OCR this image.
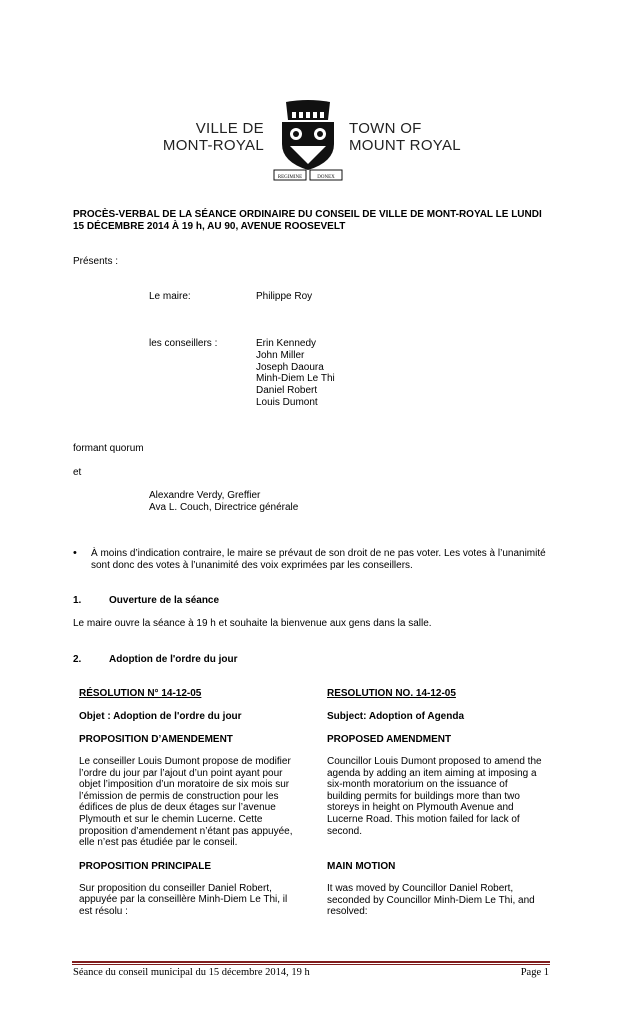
VILLE DE
MONT-ROYAL
REGIMINE	DONEX
TOWN OF
MOUNT ROYAL
PROCÈS-VERBAL DE LA SÉANCE ORDINAIRE DU CONSEIL DE VILLE DE MONT-ROYAL LE LUNDI
15 DÉCEMBRE 2014 À 19 h, AU 90, AVENUE ROOSEVELT
Présents :
Le maire:	Philippe Roy
les conseillers :	Erin Kennedy
John Miller
Joseph Daoura
Minh-Diem Le Thi
Daniel Robert
Louis Dumont
formant quorum
et
Alexandre Verdy, Greffier
Ava L. Couch, Directrice générale
• À moins d’indication contraire, le maire se prévaut de son droit de ne pas voter. Les votes à l’unanimité
sont donc des votes à l’unanimité des voix exprimées par les conseillers.
1.	Ouverture de la séance
Le maire ouvre la séance à 19 h et souhaite la bienvenue aux gens dans la salle.
2.	Adoption de l'ordre du jour
RÉSOLUTION N° 14-12-05
Objet : Adoption de l'ordre du jour
PROPOSITION D’AMENDEMENT
Le conseiller Louis Dumont propose de modifier
l’ordre du jour par l’ajout d’un point ayant pour
objet l’imposition d’un moratoire de six mois sur
l’émission de permis de construction pour les
édifices de plus de deux étages sur l’avenue
Plymouth et sur le chemin Lucerne. Cette
proposition d’amendement n’étant pas appuyée,
elle n’est pas étudiée par le conseil.
PROPOSITION PRINCIPALE
Sur proposition du conseiller Daniel Robert,
appuyée par la conseillère Minh-Diem Le Thi, il
est résolu :
RESOLUTION NO. 14-12-05
Subject: Adoption of Agenda
PROPOSED AMENDMENT
Councillor Louis Dumont proposed to amend the
agenda by adding an item aiming at imposing a
six-month moratorium on the issuance of
building permits for buildings more than two
storeys in height on Plymouth Avenue and
Lucerne Road. This motion failed for lack of
second.
MAIN MOTION
It was moved by Councillor Daniel Robert,
seconded by Councillor Minh-Diem Le Thi, and
resolved:
Séance du conseil municipal du 15 décembre 2014, 19 h	Page 1
